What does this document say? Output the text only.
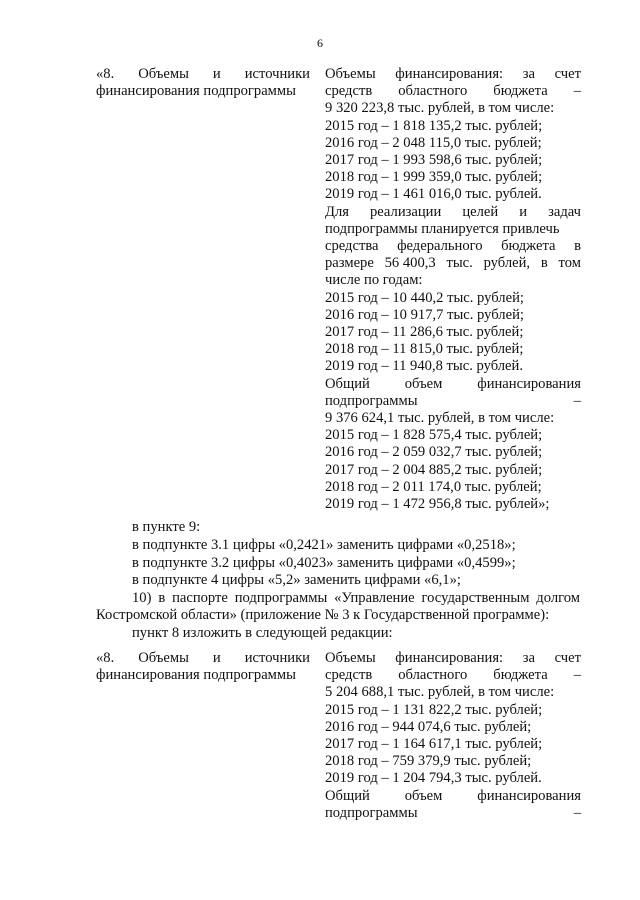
6
«8. Объемы и источники
финансирования подпрограммы
Объемы финансирования: за счет
средств областного бюджета –
9 320 223,8 тыс. рублей, в том числе:
2015 год – 1 818 135,2 тыс. рублей;
2016 год – 2 048 115,0 тыс. рублей;
2017 год – 1 993 598,6 тыс. рублей;
2018 год – 1 999 359,0 тыс. рублей;
2019 год – 1 461 016,0 тыс. рублей.
Для реализации целей и задач
подпрограммы планируется привлечь
средства федерального бюджета в
размере 56 400,3 тыс. рублей, в том
числе по годам:
2015 год – 10 440,2 тыс. рублей;
2016 год – 10 917,7 тыс. рублей;
2017 год – 11 286,6 тыс. рублей;
2018 год – 11 815,0 тыс. рублей;
2019 год – 11 940,8 тыс. рублей.
Общий объем финансирования
подпрограммы	–
9 376 624,1 тыс. рублей, в том числе:
2015 год – 1 828 575,4 тыс. рублей;
2016 год – 2 059 032,7 тыс. рублей;
2017 год – 2 004 885,2 тыс. рублей;
2018 год – 2 011 174,0 тыс. рублей;
2019 год – 1 472 956,8 тыс. рублей»;
в пункте 9:
в подпункте 3.1 цифры «0,2421» заменить цифрами «0,2518»;
в подпункте 3.2 цифры «0,4023» заменить цифрами «0,4599»;
в подпункте 4 цифры «5,2» заменить цифрами «6,1»;
10) в паспорте подпрограммы «Управление государственным долгом
Костромской области» (приложение № 3 к Государственной программе):
пункт 8 изложить в следующей редакции:
«8. Объемы и источники
финансирования подпрограммы
Объемы финансирования: за счет
средств областного бюджета –
5 204 688,1 тыс. рублей, в том числе:
2015 год – 1 131 822,2 тыс. рублей;
2016 год – 944 074,6 тыс. рублей;
2017 год – 1 164 617,1 тыс. рублей;
2018 год – 759 379,9 тыс. рублей;
2019 год – 1 204 794,3 тыс. рублей.
Общий объем финансирования
подпрограммы	–
